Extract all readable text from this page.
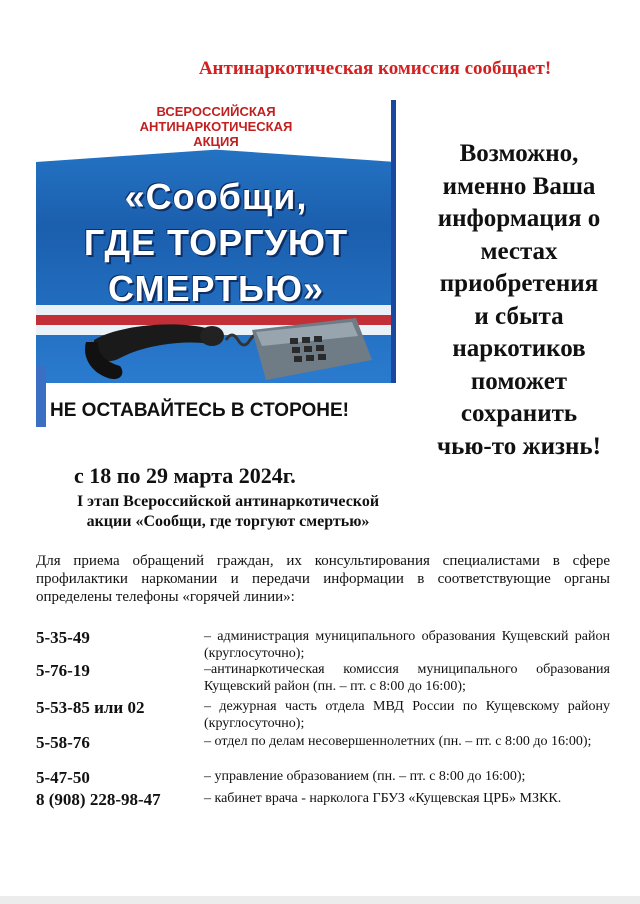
Антинаркотическая комиссия сообщает!
ВСЕРОССИЙСКАЯ
АНТИНАРКОТИЧЕСКАЯ
АКЦИЯ
«Сообщи,
ГДЕ ТОРГУЮТ
СМЕРТЬЮ»
НЕ ОСТАВАЙТЕСЬ В СТОРОНЕ!
Возможно,
именно Ваша
информация о
местах
приобретения
и сбыта
наркотиков
поможет
сохранить
чью-то жизнь!
с 18 по 29 марта 2024г.
I этап Всероссийской антинаркотической
акции «Сообщи, где торгуют смертью»
Для приема обращений граждан, их консультирования специалистами в сфере профилактики наркомании и передачи информации в соответствующие органы определены телефоны «горячей линии»:
5-35-49	– администрация муниципального образования Кущевский район (круглосуточно);
5-76-19	–антинаркотическая комиссия муниципального образования Кущевский район (пн. – пт. с 8:00 до 16:00);
5-53-85 или 02	– дежурная часть отдела МВД России по Кущевскому району (круглосуточно);
5-58-76	– отдел по делам несовершеннолетних (пн. – пт. с 8:00 до 16:00);
5-47-50	– управление образованием (пн. – пт. с 8:00 до 16:00);
8 (908) 228-98-47	– кабинет врача - нарколога ГБУЗ «Кущевская ЦРБ» МЗКК.
